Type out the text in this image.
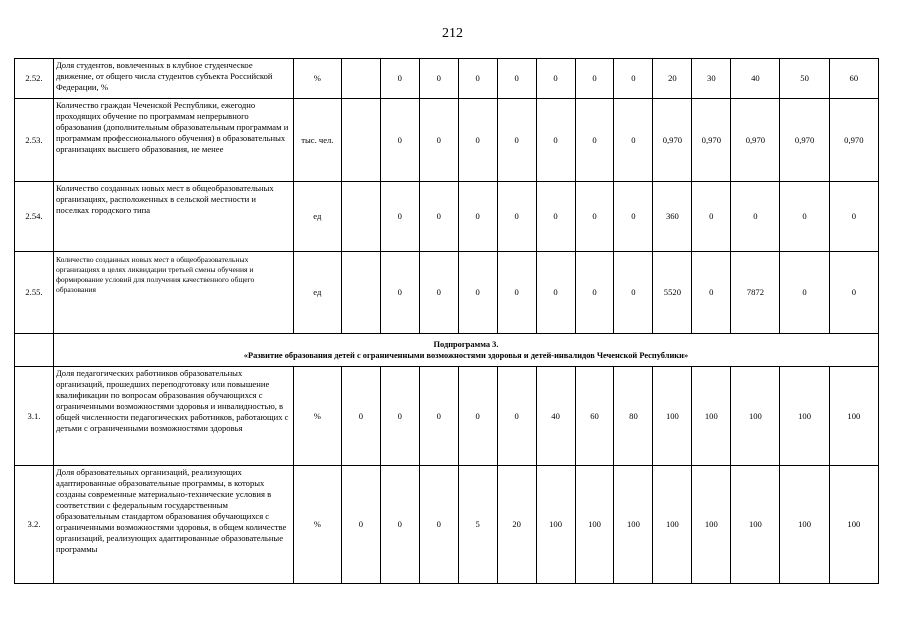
212
2.52.	Доля студентов, вовлеченных в клубное студенческое движение, от общего числа студентов субъекта Российской Федерации, %	%		0	0	0	0	0	0	0	20	30	40	50	60
2.53.	Количество граждан Чеченской Республики, ежегодно проходящих обучение по программам непрерывного образования (дополнительным образовательным программам и программам профессионального обучения) в образовательных организациях высшего образования, не менее	тыс. чел.		0	0	0	0	0	0	0	0,970	0,970	0,970	0,970	0,970
2.54.	Количество созданных новых мест в общеобразовательных организациях, расположенных в сельской местности и поселках городского типа	ед		0	0	0	0	0	0	0	360	0	0	0	0
2.55.	Количество созданных новых мест в общеобразовательных организациях в целях ликвидации третьей смены обучения и формирование условий для получения качественного общего образования	ед		0	0	0	0	0	0	0	5520	0	7872	0	0

	Подпрограмма 3.
«Развитие образования детей с ограниченными возможностями здоровья и детей-инвалидов Чеченской Республики»														

3.1.	Доля педагогических работников образовательных организаций, прошедших переподготовку или повышение квалификации по вопросам образования обучающихся с ограниченными возможностями здоровья и инвалидностью, в общей численности педагогических работников, работающих с детьми с ограниченными возможностями здоровья	%	0	0	0	0	0	40	60	80	100	100	100	100	100
3.2.	Доля образовательных организаций, реализующих адаптированные образовательные программы, в которых созданы современные материально-технические условия в соответствии с федеральным государственным образовательным стандартом образования обучающихся с ограниченными возможностями здоровья, в общем количестве организаций, реализующих адаптированные образовательные программы	%	0	0	0	5	20	100	100	100	100	100	100	100	100
